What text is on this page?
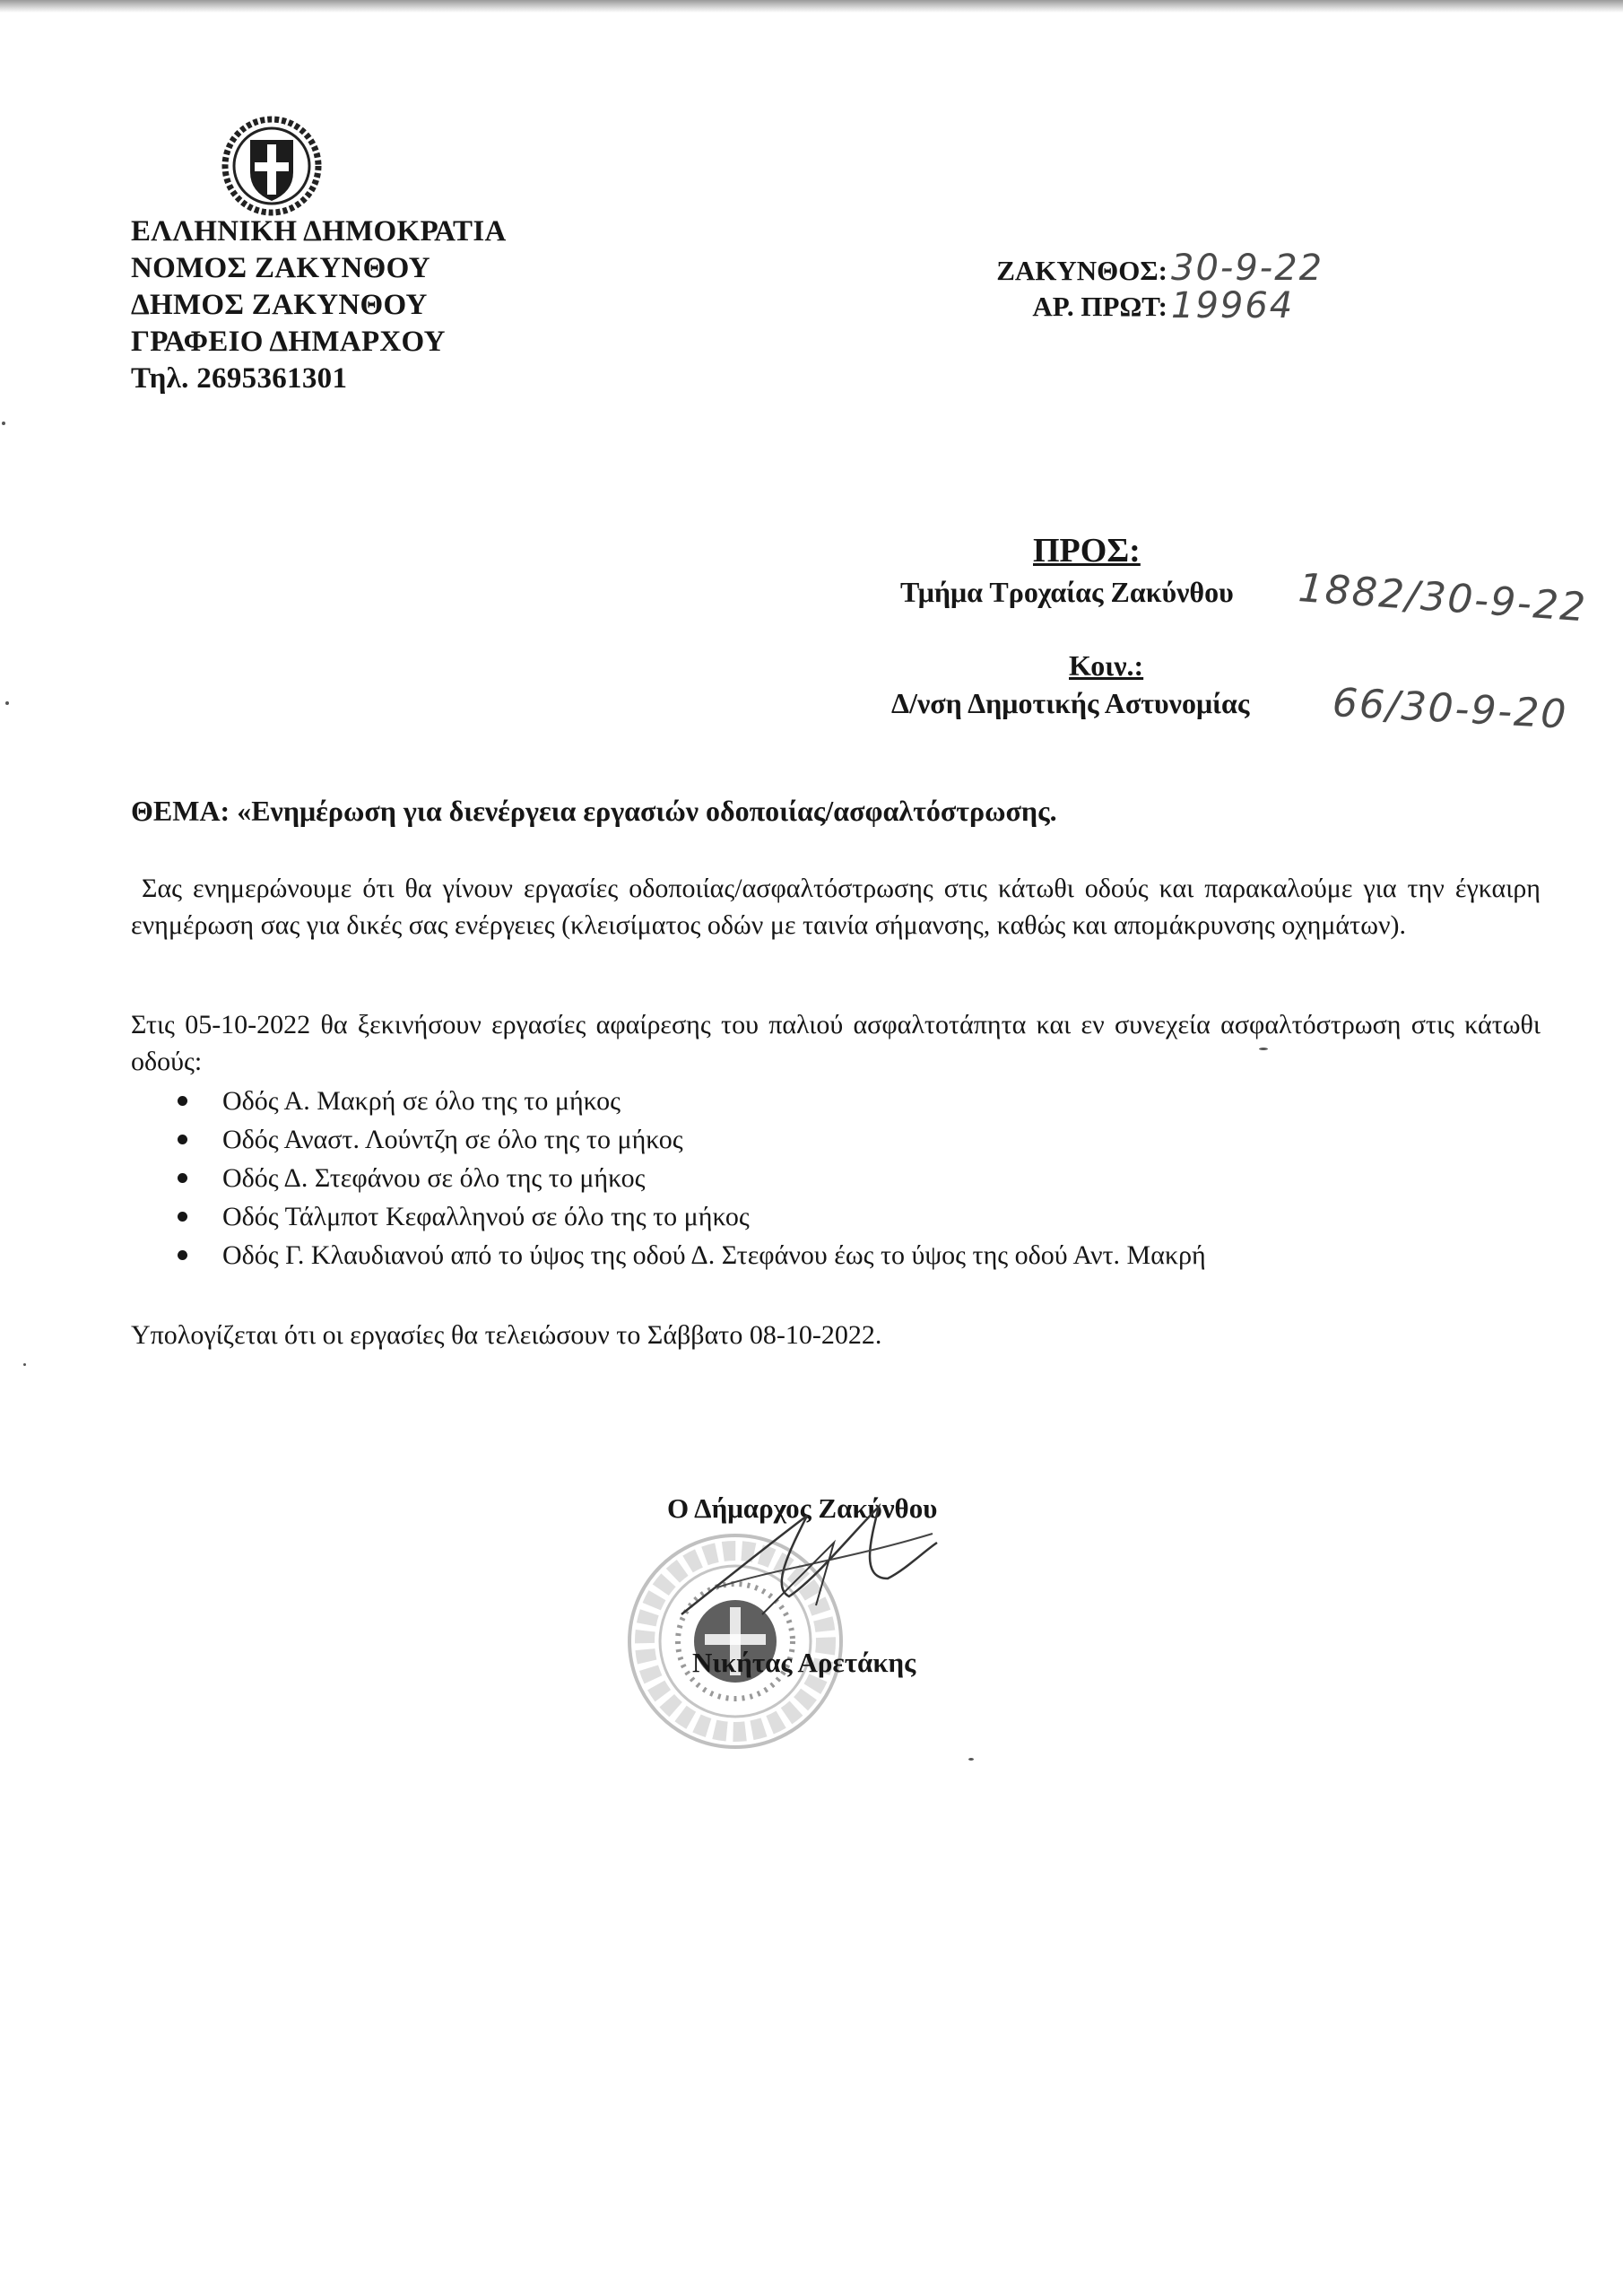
ΕΛΛΗΝΙΚΗ ΔΗΜΟΚΡΑΤΙΑ
ΝΟΜΟΣ ΖΑΚΥΝΘΟΥ
ΔΗΜΟΣ ΖΑΚΥΝΘΟΥ
ΓΡΑΦΕΙΟ ΔΗΜΑΡΧΟΥ
Τηλ. 2695361301
ΖΑΚΥΝΘΟΣ:
ΑΡ. ΠΡΩΤ:
30-9-22
19964
ΠΡΟΣ:
Τμήμα Τροχαίας Ζακύνθου 1882/30-9-22
Κοιν.:
Δ/νση Δημοτικής Αστυνομίας 66/30-9-20
ΘΕΜΑ: «Ενημέρωση για διενέργεια εργασιών οδοποιίας/ασφαλτόστρωσης.
Σας ενημερώνουμε ότι θα γίνουν εργασίες οδοποιίας/ασφαλτόστρωσης στις κάτωθι οδούς και παρακαλούμε για την έγκαιρη ενημέρωση σας για δικές σας ενέργειες (κλεισίματος οδών με ταινία σήμανσης, καθώς και απομάκρυνσης οχημάτων).
Στις 05-10-2022 θα ξεκινήσουν εργασίες αφαίρεσης του παλιού ασφαλτοτάπητα και εν συνεχεία ασφαλτόστρωση στις κάτωθι οδούς:
Οδός Α. Μακρή σε όλο της το μήκος
Οδός Αναστ. Λούντζη σε όλο της το μήκος
Οδός Δ. Στεφάνου σε όλο της το μήκος
Οδός Τάλμποτ Κεφαλληνού σε όλο της το μήκος
Οδός Γ. Κλαυδιανού από το ύψος της οδού Δ. Στεφάνου έως το ύψος της οδού Αντ. Μακρή
Υπολογίζεται ότι οι εργασίες θα τελειώσουν το Σάββατο 08-10-2022.
Ο Δήμαρχος Ζακύνθου
Νικήτας Αρετάκης
